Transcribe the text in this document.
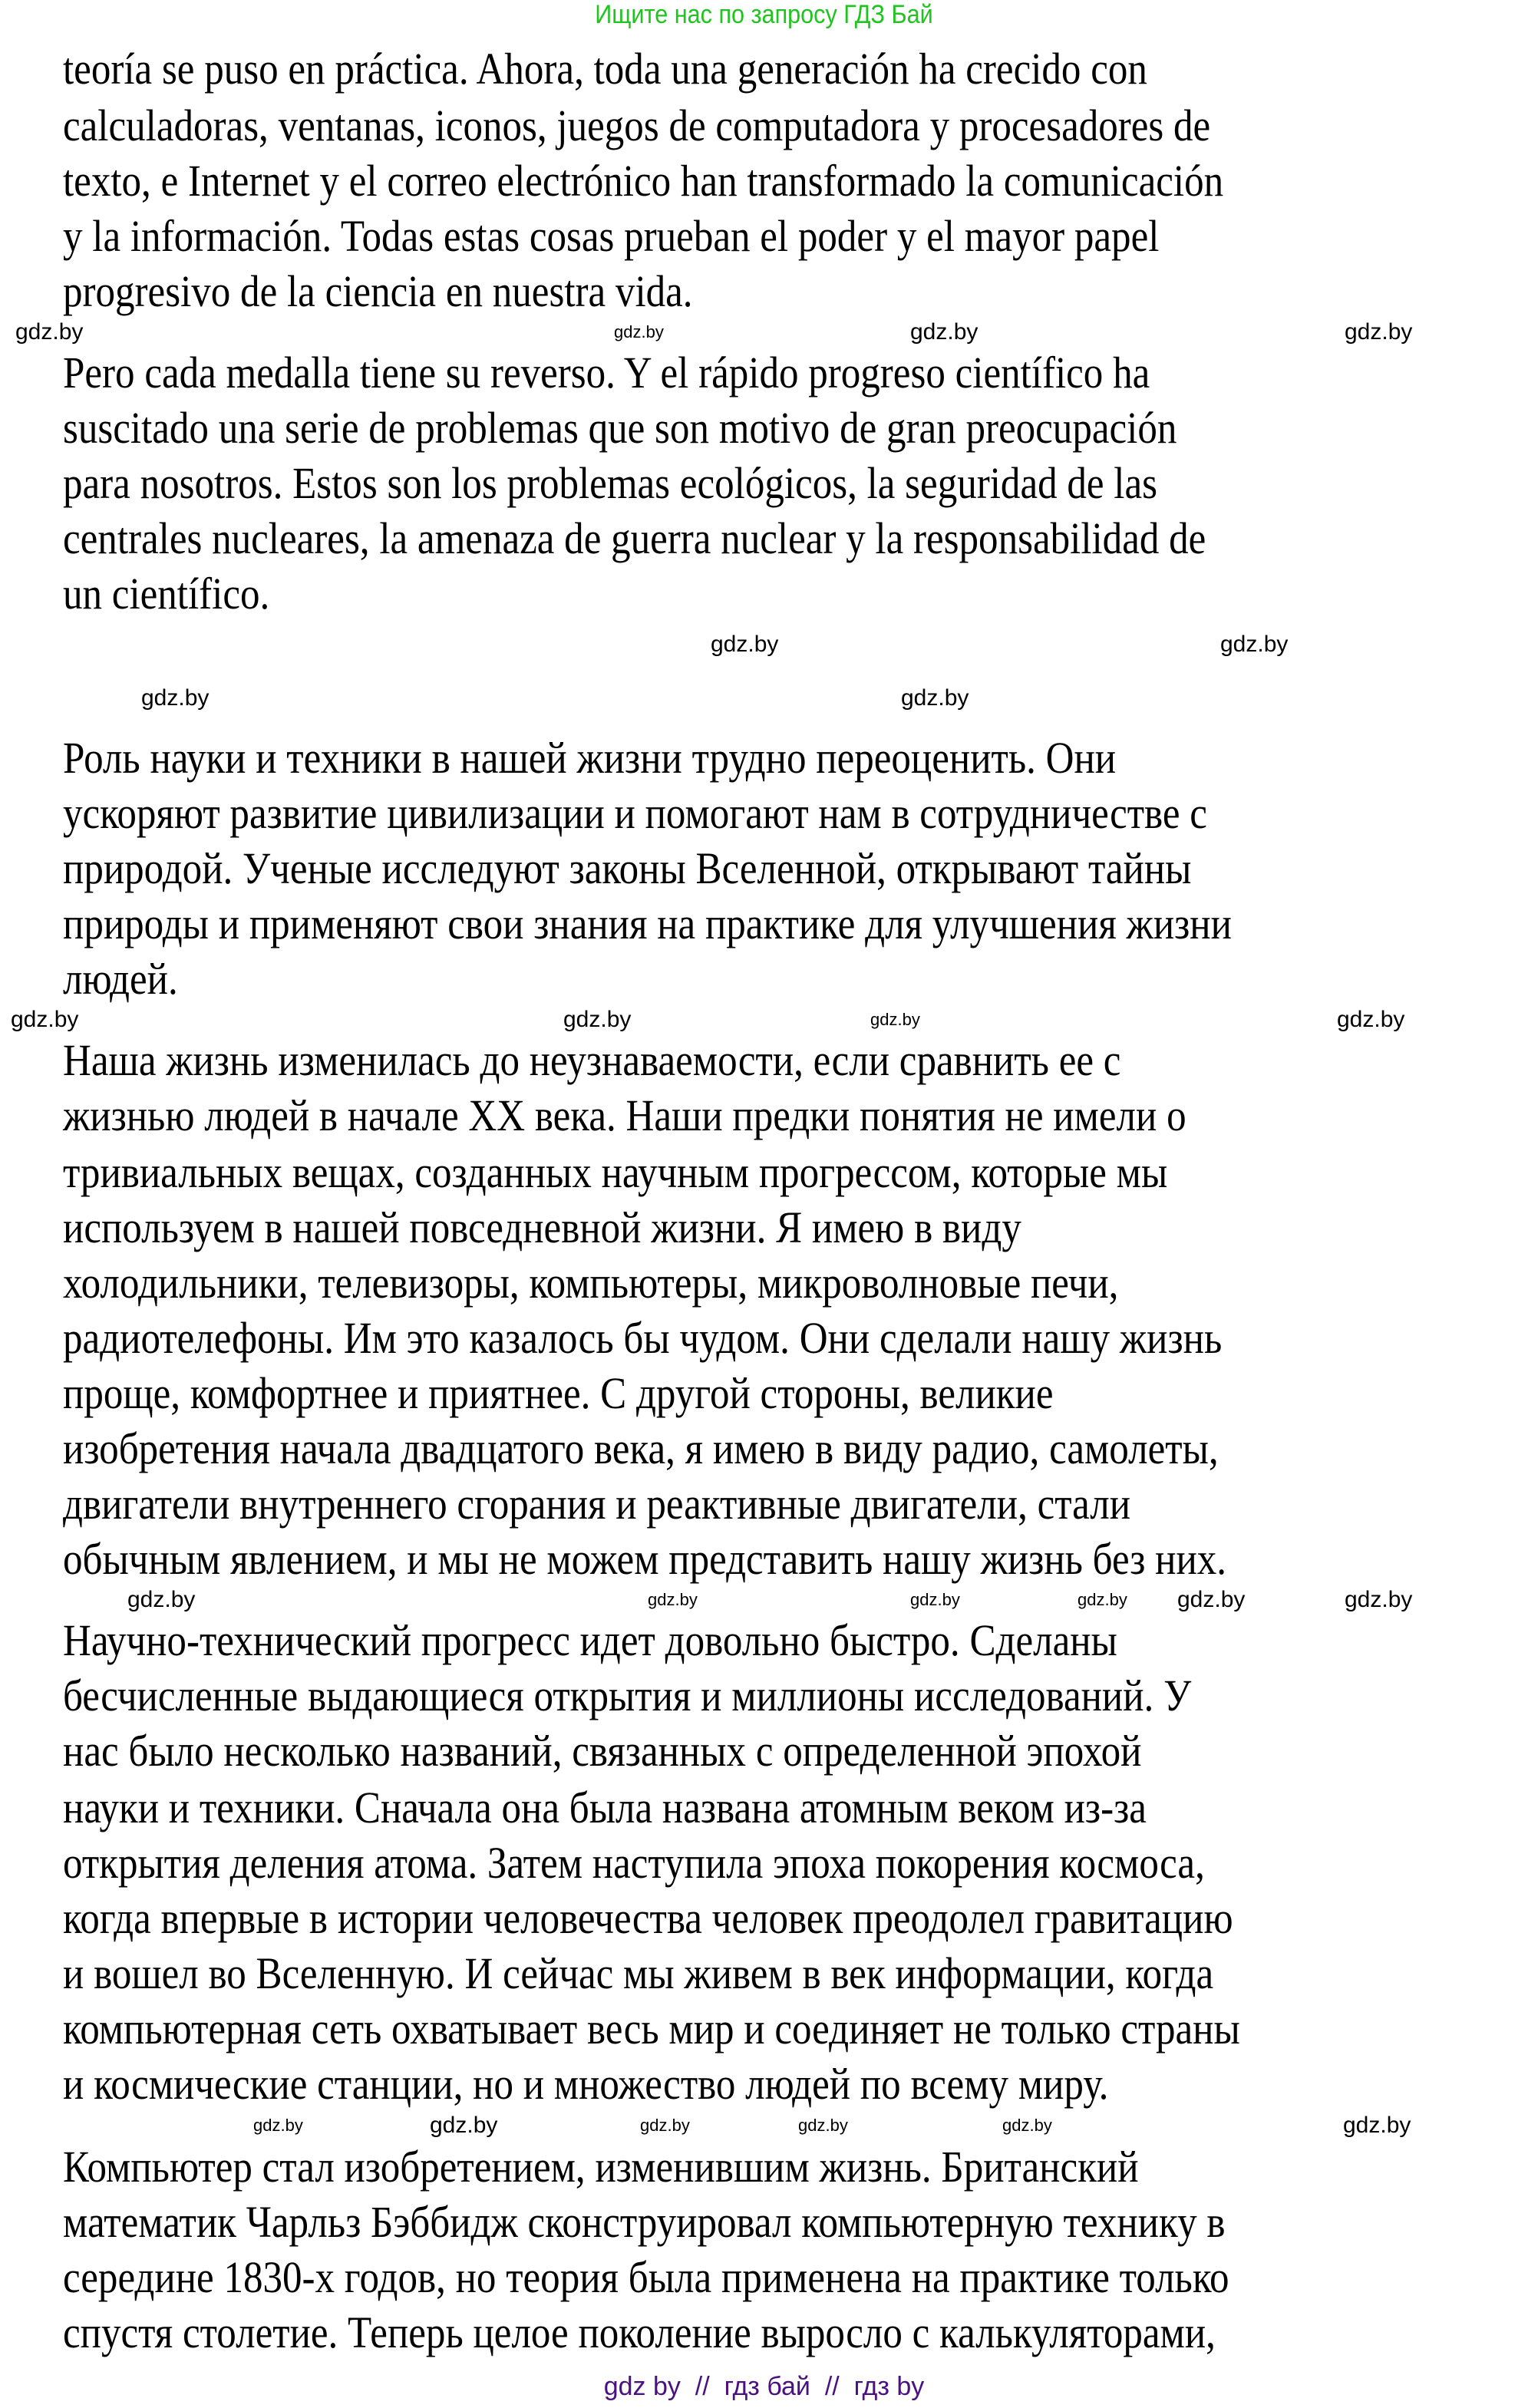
Ищите нас по запросу ГДЗ Бай
teoría se puso en práctica. Ahora, toda una generación ha crecido con
calculadoras, ventanas, iconos, juegos de computadora y procesadores de
texto, e Internet y el correo electrónico han transformado la comunicación
y la información. Todas estas cosas prueban el poder y el mayor papel
progresivo de la ciencia en nuestra vida.
Pero cada medalla tiene su reverso. Y el rápido progreso científico ha
suscitado una serie de problemas que son motivo de gran preocupación
para nosotros. Estos son los problemas ecológicos, la seguridad de las
centrales nucleares, la amenaza de guerra nuclear y la responsabilidad de
un científico.
Роль науки и техники в нашей жизни трудно переоценить. Они
ускоряют развитие цивилизации и помогают нам в сотрудничестве с
природой. Ученые исследуют законы Вселенной, открывают тайны
природы и применяют свои знания на практике для улучшения жизни
людей.
Наша жизнь изменилась до неузнаваемости, если сравнить ее с
жизнью людей в начале XX века. Наши предки понятия не имели о
тривиальных вещах, созданных научным прогрессом, которые мы
используем в нашей повседневной жизни. Я имею в виду
холодильники, телевизоры, компьютеры, микроволновые печи,
радиотелефоны. Им это казалось бы чудом. Они сделали нашу жизнь
проще, комфортнее и приятнее. С другой стороны, великие
изобретения начала двадцатого века, я имею в виду радио, самолеты,
двигатели внутреннего сгорания и реактивные двигатели, стали
обычным явлением, и мы не можем представить нашу жизнь без них.
Научно-технический прогресс идет довольно быстро. Сделаны
бесчисленные выдающиеся открытия и миллионы исследований. У
нас было несколько названий, связанных с определенной эпохой
науки и техники. Сначала она была названа атомным веком из-за
открытия деления атома. Затем наступила эпоха покорения космоса,
когда впервые в истории человечества человек преодолел гравитацию
и вошел во Вселенную. И сейчас мы живем в век информации, когда
компьютерная сеть охватывает весь мир и соединяет не только страны
и космические станции, но и множество людей по всему миру.
Компьютер стал изобретением, изменившим жизнь. Британский
математик Чарльз Бэббидж сконструировал компьютерную технику в
середине 1830-х годов, но теория была применена на практике только
спустя столетие. Теперь целое поколение выросло с калькуляторами,
gdz.by
gdz.by	gdz.by
gdz.by
gdz.by
gdz.by
gdz.by	gdz.by
gdz.by
gdz.by
gdz.by	gdz.by
gdz.by
gdz.by	gdz.by
gdz.by	gdz.by	gdz.by
gdz.by	gdz.by	gdz.by
gdz.by	gdz.by
gdz.by
gdz by  //  гдз бай  //  гдз by
